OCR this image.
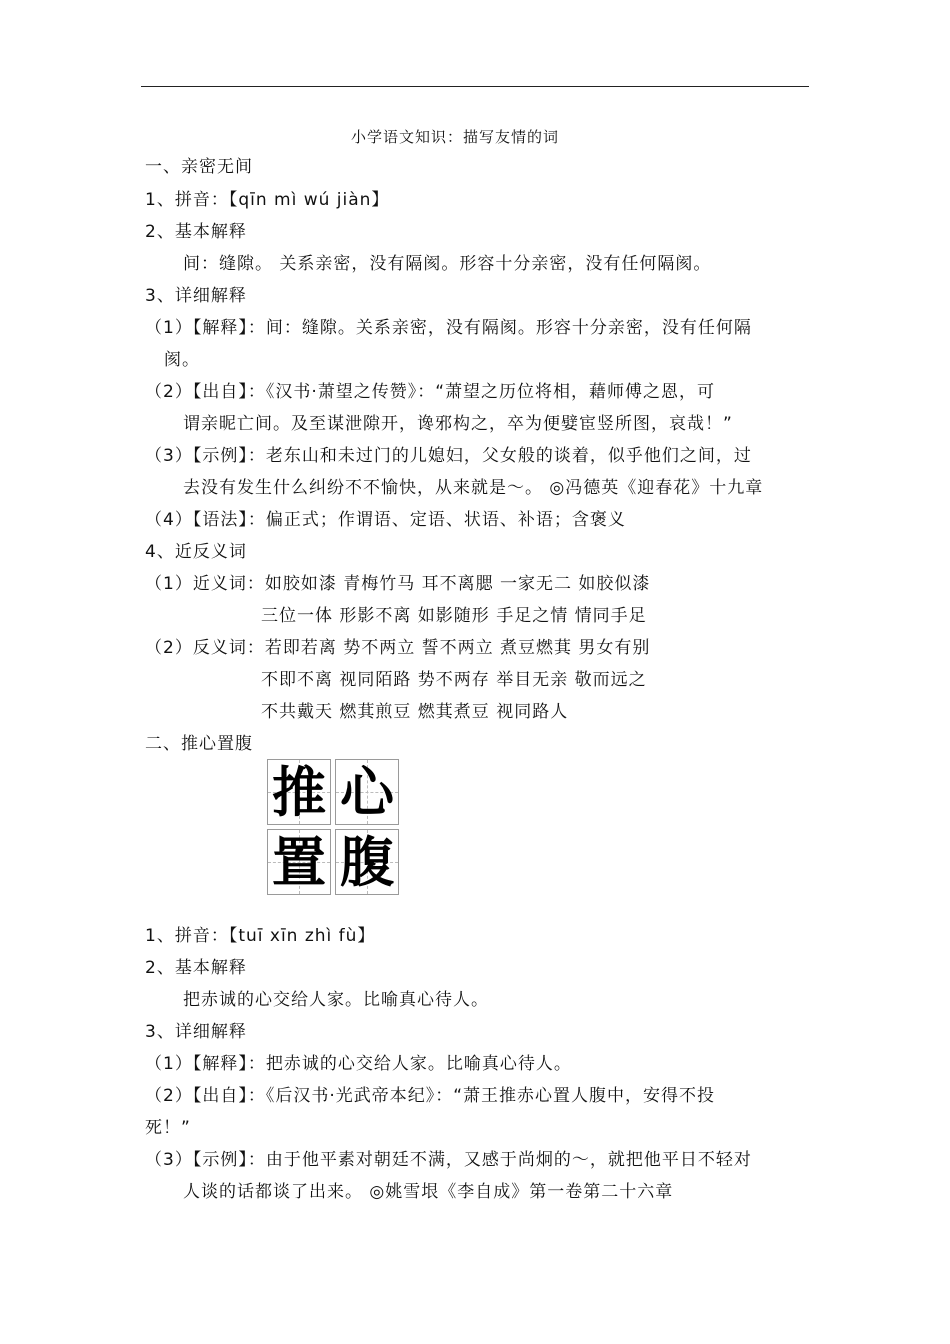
小学语文知识：描写友情的词
一、亲密无间
1、拼音：【qīn mì wú jiàn】
2、基本解释
间：缝隙。 关系亲密，没有隔阂。形容十分亲密，没有任何隔阂。
3、详细解释
（1）【解释】：间：缝隙。关系亲密，没有隔阂。形容十分亲密，没有任何隔
阂。
（2）【出自】：《汉书·萧望之传赞》：“萧望之历位将相，藉师傅之恩，可
谓亲昵亡间。及至谋泄隙开，谗邪构之，卒为便嬖宦竖所图，哀哉！”
（3）【示例】：老东山和未过门的儿媳妇，父女般的谈着，似乎他们之间，过
去没有发生什么纠纷不不愉快，从来就是～。 ◎冯德英《迎春花》十九章
（4）【语法】：偏正式；作谓语、定语、状语、补语；含褒义
4、近反义词
（1）近义词：如胶如漆 青梅竹马 耳不离腮 一家无二 如胶似漆
三位一体 形影不离 如影随形 手足之情 情同手足
（2）反义词：若即若离 势不两立 誓不两立 煮豆燃萁 男女有别
不即不离 视同陌路 势不两存 举目无亲 敬而远之
不共戴天 燃萁煎豆 燃萁煮豆 视同路人
二、推心置腹
推 心
置 腹
1、拼音：【tuī xīn zhì fù】
2、基本解释
把赤诚的心交给人家。比喻真心待人。
3、详细解释
（1）【解释】：把赤诚的心交给人家。比喻真心待人。
（2）【出自】：《后汉书·光武帝本纪》：“萧王推赤心置人腹中，安得不投
死！”
（3）【示例】：由于他平素对朝廷不满，又感于尚炯的～，就把他平日不轻对
人谈的话都谈了出来。 ◎姚雪垠《李自成》第一卷第二十六章
